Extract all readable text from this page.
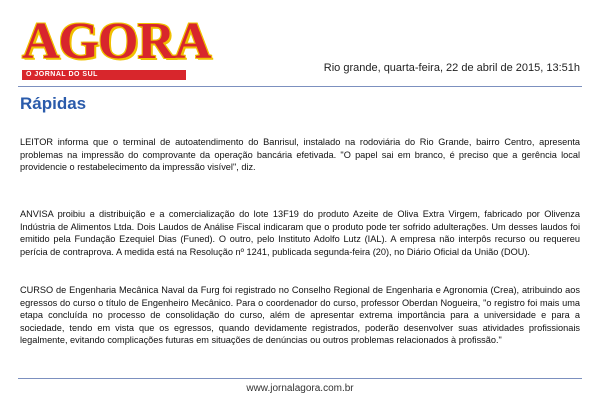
AGORA
O JORNAL DO SUL
Rio grande, quarta-feira, 22 de abril de 2015, 13:51h
Rápidas

LEITOR informa que o terminal de autoatendimento do Banrisul, instalado na rodoviária do Rio Grande, bairro Centro, apresenta problemas na impressão do comprovante da operação bancária efetivada. "O papel sai em branco, é preciso que a gerência local providencie o restabelecimento da impressão visível", diz.

ANVISA proibiu a distribuição e a comercialização do lote 13F19 do produto Azeite de Oliva Extra Virgem, fabricado por Olivenza Indústria de Alimentos Ltda. Dois Laudos de Análise Fiscal indicaram que o produto pode ter sofrido adulterações. Um desses laudos foi emitido pela Fundação Ezequiel Dias (Funed). O outro, pelo Instituto Adolfo Lutz (IAL). A empresa não interpôs recurso ou requereu perícia de contraprova. A medida está na Resolução nº 1241, publicada segunda-feira (20), no Diário Oficial da União (DOU).

CURSO de Engenharia Mecânica Naval da Furg foi registrado no Conselho Regional de Engenharia e Agronomia (Crea), atribuindo aos egressos do curso o título de Engenheiro Mecânico. Para o coordenador do curso, professor Oberdan Nogueira, "o registro foi mais uma etapa concluída no processo de consolidação do curso, além de apresentar extrema importância para a universidade e para a sociedade, tendo em vista que os egressos, quando devidamente registrados, poderão desenvolver suas atividades profissionais legalmente, evitando complicações futuras em situações de denúncias ou outros problemas relacionados à profissão."

www.jornalagora.com.br
